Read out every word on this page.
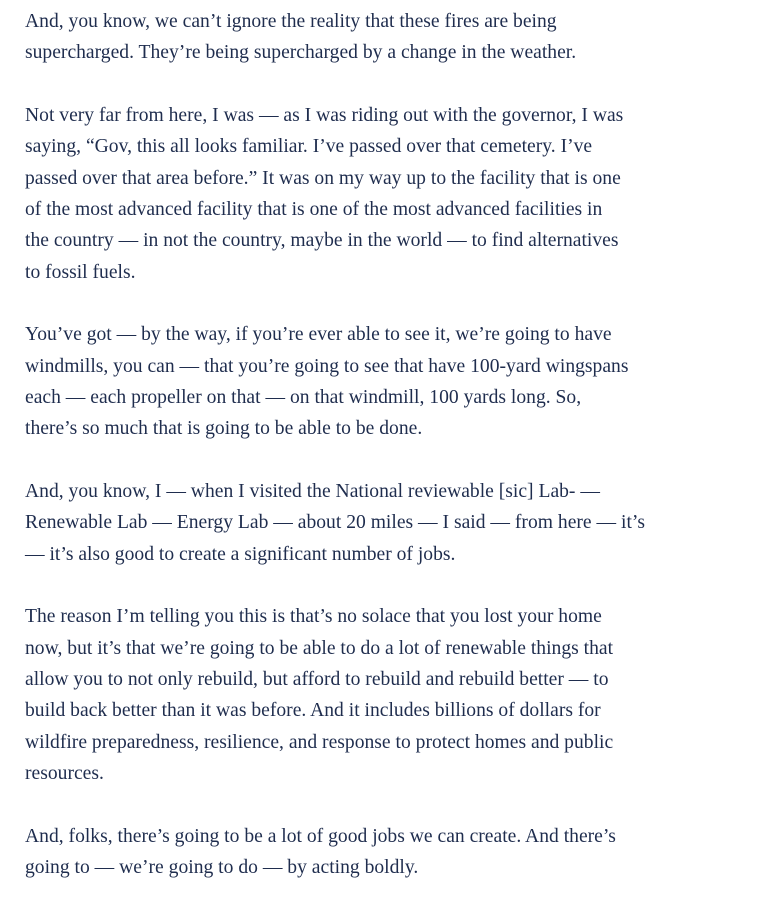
And, you know, we can’t ignore the reality that these fires are being
supercharged. They’re being supercharged by a change in the weather.

Not very far from here, I was — as I was riding out with the governor, I was
saying, “Gov, this all looks familiar. I’ve passed over that cemetery. I’ve
passed over that area before.” It was on my way up to the facility that is one
of the most advanced facility that is one of the most advanced facilities in
the country — in not the country, maybe in the world — to find alternatives
to fossil fuels.

You’ve got — by the way, if you’re ever able to see it, we’re going to have
windmills, you can — that you’re going to see that have 100-yard wingspans
each — each propeller on that — on that windmill, 100 yards long. So,
there’s so much that is going to be able to be done.

And, you know, I — when I visited the National reviewable [sic] Lab- —
Renewable Lab — Energy Lab — about 20 miles — I said — from here — it’s
— it’s also good to create a significant number of jobs.

The reason I’m telling you this is that’s no solace that you lost your home
now, but it’s that we’re going to be able to do a lot of renewable things that
allow you to not only rebuild, but afford to rebuild and rebuild better — to
build back better than it was before. And it includes billions of dollars for
wildfire preparedness, resilience, and response to protect homes and public
resources.

And, folks, there’s going to be a lot of good jobs we can create. And there’s
going to — we’re going to do — by acting boldly.
